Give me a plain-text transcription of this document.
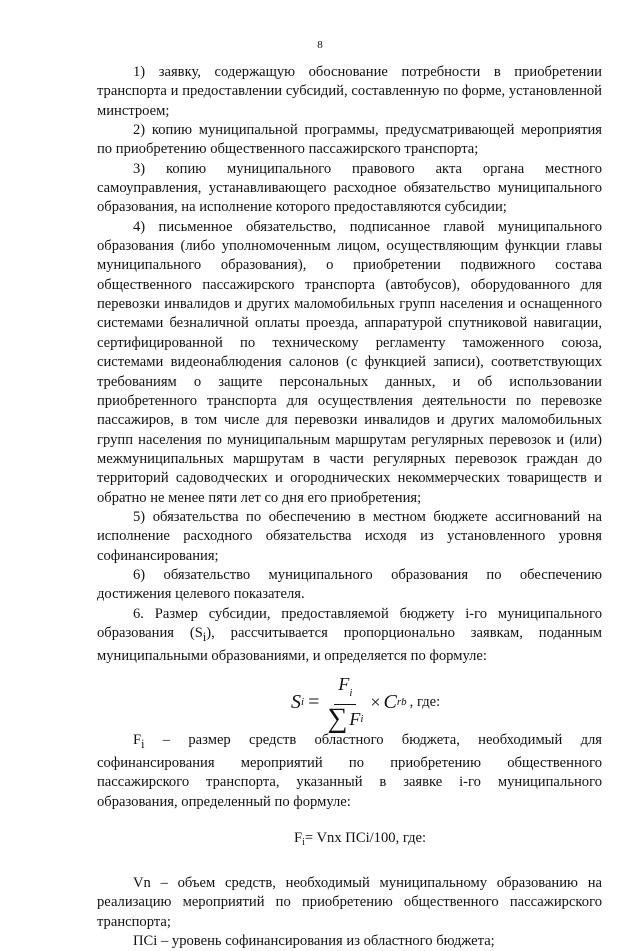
8

1) заявку, содержащую обоснование потребности в приобретении транспорта и предоставлении субсидий, составленную по форме, установленной минстроем;

2) копию муниципальной программы, предусматривающей мероприятия по приобретению общественного пассажирского транспорта;

3) копию муниципального правового акта органа местного самоуправления, устанавливающего расходное обязательство муниципального образования, на исполнение которого предоставляются субсидии;

4) письменное обязательство, подписанное главой муниципального образования (либо уполномоченным лицом, осуществляющим функции главы муниципального образования), о приобретении подвижного состава общественного пассажирского транспорта (автобусов), оборудованного для перевозки инвалидов и других маломобильных групп населения и оснащенного системами безналичной оплаты проезда, аппаратурой спутниковой навигации, сертифицированной по техническому регламенту таможенного союза, системами видеонаблюдения салонов (с функцией записи), соответствующих требованиям о защите персональных данных, и об использовании приобретенного транспорта для осуществления деятельности по перевозке пассажиров, в том числе для перевозки инвалидов и других маломобильных групп населения по муниципальным маршрутам регулярных перевозок и (или) межмуниципальных маршрутам в части регулярных перевозок граждан до территорий садоводческих и огороднических некоммерческих товариществ и обратно не менее пяти лет со дня его приобретения;

5) обязательства по обеспечению в местном бюджете ассигнований на исполнение расходного обязательства исходя из установленного уровня софинансирования;

6) обязательство муниципального образования по обеспечению достижения целевого показателя.

6. Размер субсидии, предоставляемой бюджету i-го муниципального образования $(S_i)$, рассчитывается пропорционально заявкам, поданным муниципальными образованиями, и определяется по формуле:

S $i = \frac{F_i}{\text{∑ F i}} \times C$ rb , где:

$F_i$ – размер средств областного бюджета, необходимый для софинансирования мероприятий по приобретению общественного пассажирского транспорта, указанный в заявке i-го муниципального образования, определенный по формуле:

$F_i=$ Vnх ПСi/100, где:

Vn – объем средств, необходимый муниципальному образованию на реализацию мероприятий по приобретению общественного пассажирского транспорта;

ПСi – уровень софинансирования из областного бюджета;
